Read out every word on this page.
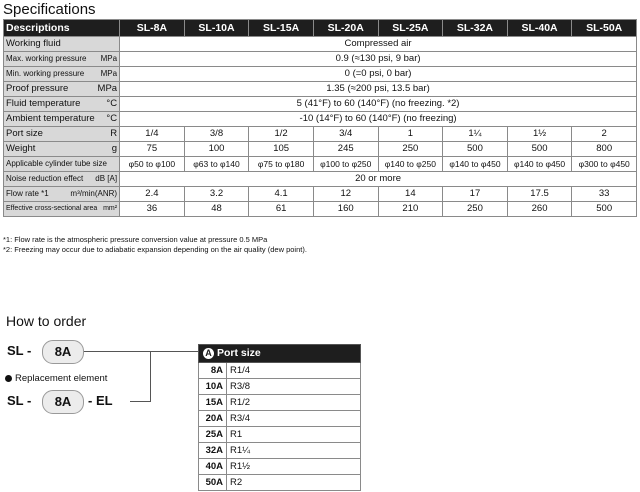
Specifications
Descriptions	SL-8A	SL-10A	SL-15A	SL-20A	SL-25A	SL-32A	SL-40A	SL-50A

Working fluid	Compressed air							

Max. working pressure MPa	0.9 (≈130 psi, 9 bar)							

Min. working pressure MPa	0 (=0 psi, 0 bar)							

Proof pressure MPa	1.35 (≈200 psi, 13.5 bar)							

Fluid temperature °C	5 (41°F) to 60 (140°F) (no freezing. *2)							

Ambient temperature °C	-10 (14°F) to 60 (140°F) (no freezing)							

Port size R	1/4	3/8	1/2	3/4	1	1¼	1½	2

Weight g	75	100	105	245	250	500	500	800

Applicable cylinder tube size	φ50 to φ100	φ63 to φ140	φ75 to φ180	φ100 to φ250	φ140 to φ250	φ140 to φ450	φ140 to φ450	φ300 to φ450

Noise reduction effect dB [A]	20 or more							

Flow rate *1 m³/min(ANR)	2.4	3.2	4.1	12	14	17	17.5	33

Effective cross-sectional area mm²	36	48	61	160	210	250	260	500
*1: Flow rate is the atmospheric pressure conversion value at pressure 0.5 MPa
*2: Freezing may occur due to adiabatic expansion depending on the air quality (dew point).
How to order
SL -	8A
Replacement element
SL -	8A	- EL
A Port size	
8A	R1/4
10A	R3/8
15A	R1/2
20A	R3/4
25A	R1
32A	R1¼
40A	R1½
50A	R2
